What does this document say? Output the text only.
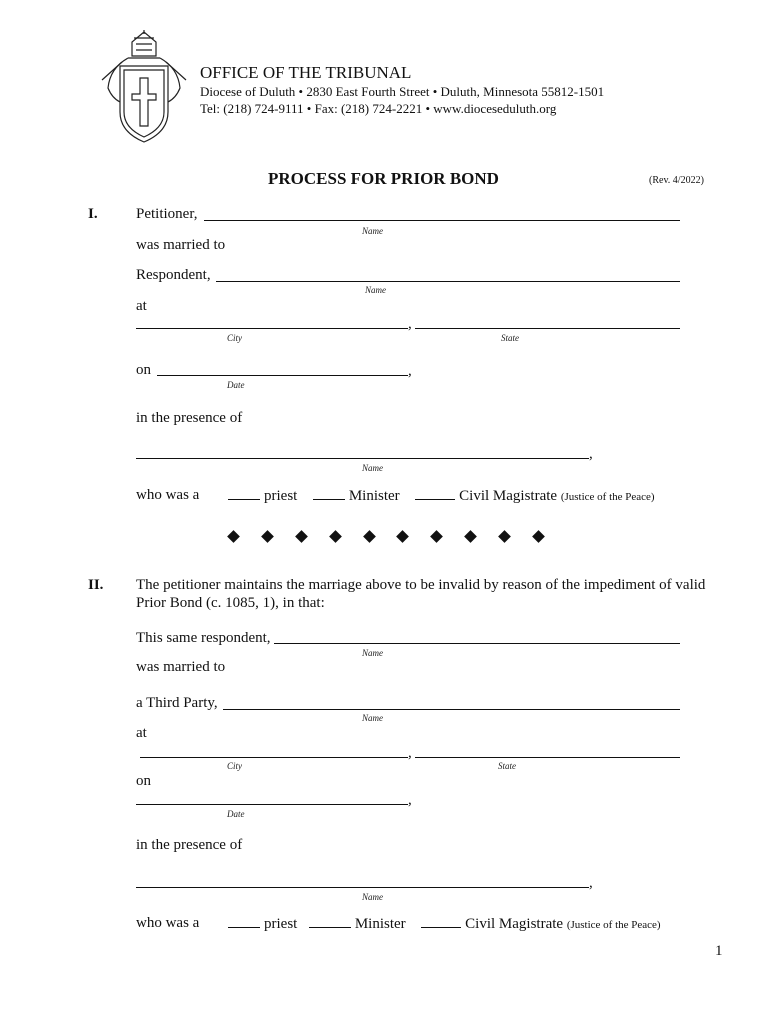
OFFICE OF THE TRIBUNAL
Diocese of Duluth • 2830 East Fourth Street • Duluth, Minnesota 55812-1501
Tel: (218) 724-9111 • Fax: (218) 724-2221 • www.dioceseduluth.org
PROCESS FOR PRIOR BOND	(Rev. 4/2022)
I.	Petitioner,
Name
was married to
Respondent,
Name
at
,
City	State
on	,
Date
in the presence of
,
Name
who was a	priest	Minister	Civil Magistrate (Justice of the Peace)
II. The petitioner maintains the marriage above to be invalid by reason of the impediment of valid
Prior Bond (c. 1085, 1), in that:
This same respondent,
Name
was married to
a Third Party,
Name
at
,
City	State
on
,
Date
in the presence of
,
Name
who was a	priest	Minister	Civil Magistrate (Justice of the Peace)
1
